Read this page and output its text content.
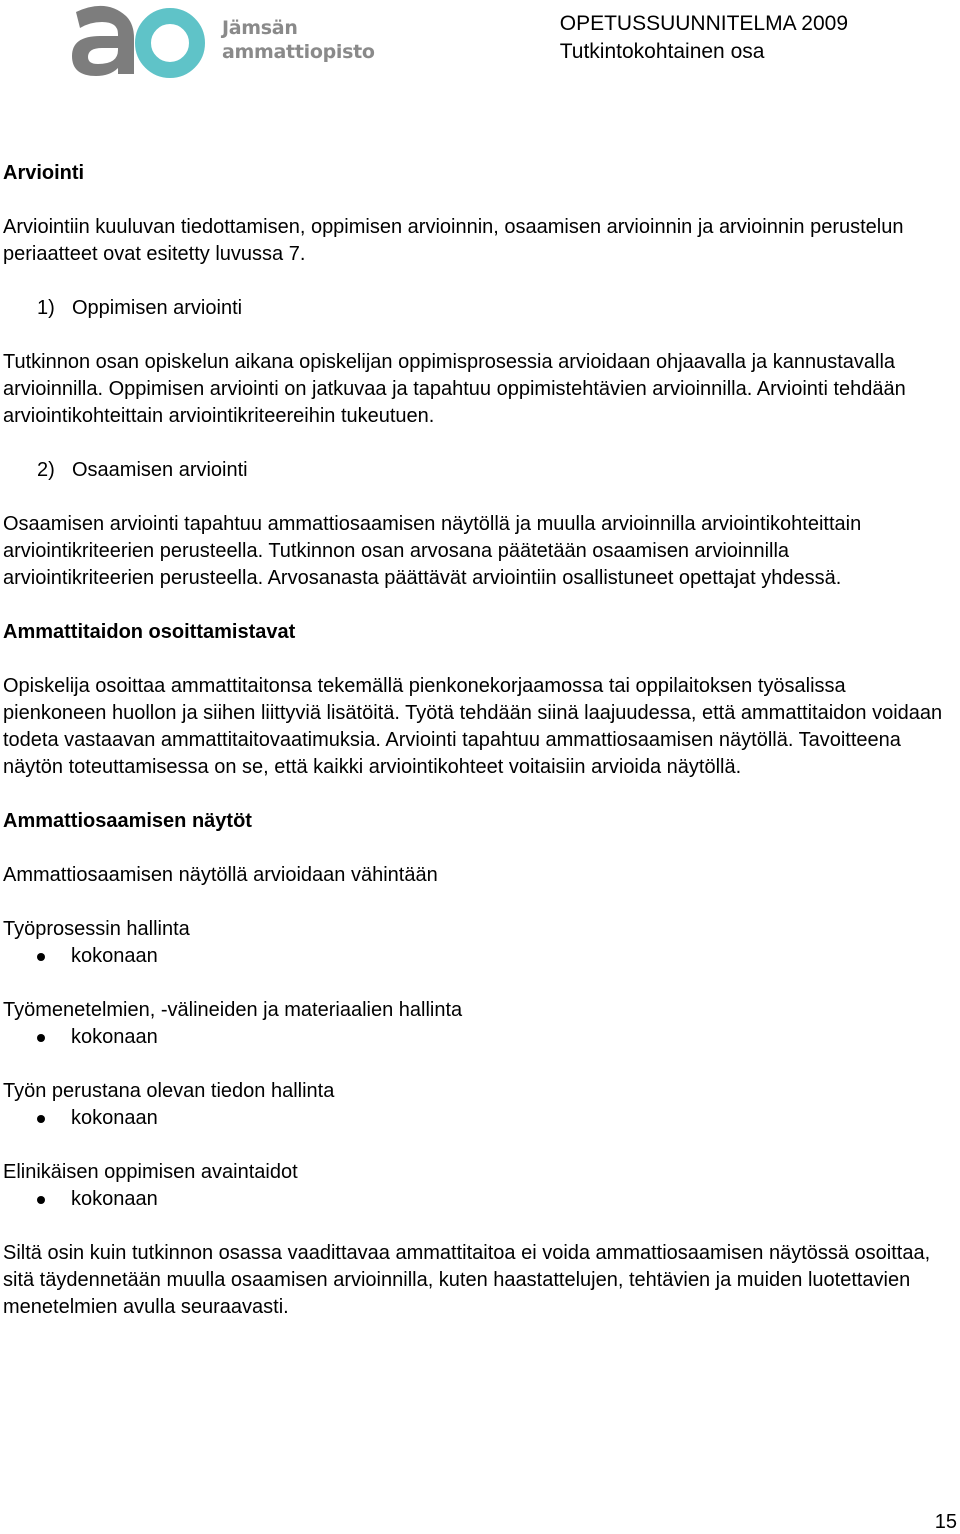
Jämsän
ammattiopisto
OPETUSSUUNNITELMA 2009
Tutkintokohtainen osa
Arviointi

Arviointiin kuuluvan tiedottamisen, oppimisen arvioinnin, osaamisen arvioinnin ja arvioinnin perustelun periaatteet ovat esitetty luvussa 7.

1) Oppimisen arviointi

Tutkinnon osan opiskelun aikana opiskelijan oppimisprosessia arvioidaan ohjaavalla ja kannustavalla arvioinnilla. Oppimisen arviointi on jatkuvaa ja tapahtuu oppimistehtävien arvioinnilla. Arviointi tehdään arviointikohteittain arviointikriteereihin tukeutuen.

2) Osaamisen arviointi

Osaamisen arviointi tapahtuu ammattiosaamisen näytöllä ja muulla arvioinnilla arviointikohteittain arviointikriteerien perusteella. Tutkinnon osan arvosana päätetään osaamisen arvioinnilla arviointikriteerien perusteella. Arvosanasta päättävät arviointiin osallistuneet opettajat yhdessä.

Ammattitaidon osoittamistavat

Opiskelija osoittaa ammattitaitonsa tekemällä pienkonekorjaamossa tai oppilaitoksen työsalissa pienkoneen huollon ja siihen liittyviä lisätöitä. Työtä tehdään siinä laajuudessa, että ammattitaidon voidaan todeta vastaavan ammattitaitovaatimuksia. Arviointi tapahtuu ammattiosaamisen näytöllä. Tavoitteena näytön toteuttamisessa on se, että kaikki arviointikohteet voitaisiin arvioida näytöllä.

Ammattiosaamisen näytöt

Ammattiosaamisen näytöllä arvioidaan vähintään

Työprosessin hallinta

kokonaan

Työmenetelmien, -välineiden ja materiaalien hallinta

kokonaan

Työn perustana olevan tiedon hallinta

kokonaan

Elinikäisen oppimisen avaintaidot

kokonaan

Siltä osin kuin tutkinnon osassa vaadittavaa ammattitaitoa ei voida ammattiosaamisen näytössä osoittaa, sitä täydennetään muulla osaamisen arvioinnilla, kuten haastattelujen, tehtävien ja muiden luotettavien menetelmien avulla seuraavasti.

15
